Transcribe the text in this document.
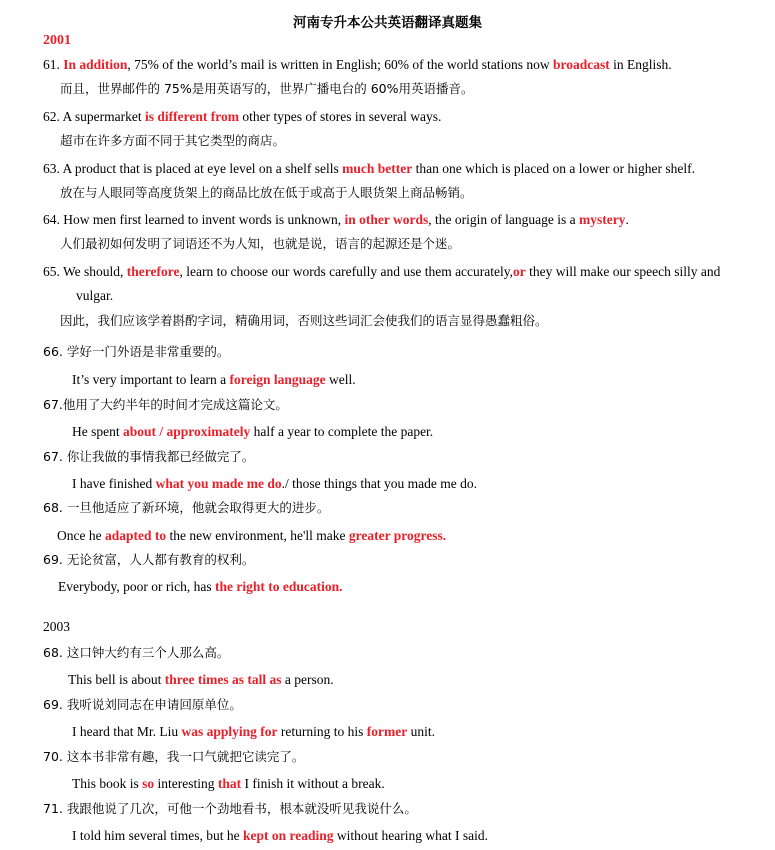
河南专升本公共英语翻译真题集
2001
2003
61. In addition, 75% of the world’s mail is written in English; 60% of the world stations now broadcast in English.
而且，世界邮件的 75%是用英语写的，世界广播电台的 60%用英语播音。
62. A supermarket is different from other types of stores in several ways.
超市在许多方面不同于其它类型的商店。
63. A product that is placed at eye level on a shelf sells much better than one which is placed on a lower or higher shelf.
放在与人眼同等高度货架上的商品比放在低于或高于人眼货架上商品畅销。
64. How men first learned to invent words is unknown, in other words, the origin of language is a mystery.
人们最初如何发明了词语还不为人知，也就是说，语言的起源还是个迷。
65. We should, therefore, learn to choose our words carefully and use them accurately,or they will make our speech silly and
vulgar.
因此，我们应该学着斟酌字词，精确用词，否则这些词汇会使我们的语言显得愚蠢粗俗。
66. 学好一门外语是非常重要的。
It’s very important to learn a foreign language well.
67.他用了大约半年的时间才完成这篇论文。
He spent about / approximately half a year to complete the paper.
67. 你让我做的事情我都已经做完了。
I have finished what you made me do./ those things that you made me do.
68. 一旦他适应了新环境，他就会取得更大的进步。
Once he adapted to the new environment, he'll make greater progress.
69. 无论贫富，人人都有教育的权利。
Everybody, poor or rich, has the right to education.
68. 这口钟大约有三个人那么高。
This bell is about three times as tall as a person.
69. 我听说刘同志在申请回原单位。
I heard that Mr. Liu was applying for returning to his former unit.
70. 这本书非常有趣，我一口气就把它读完了。
This book is so interesting that I finish it without a break.
71. 我跟他说了几次，可他一个劲地看书，根本就没听见我说什么。
I told him several times, but he kept on reading without hearing what I said.
